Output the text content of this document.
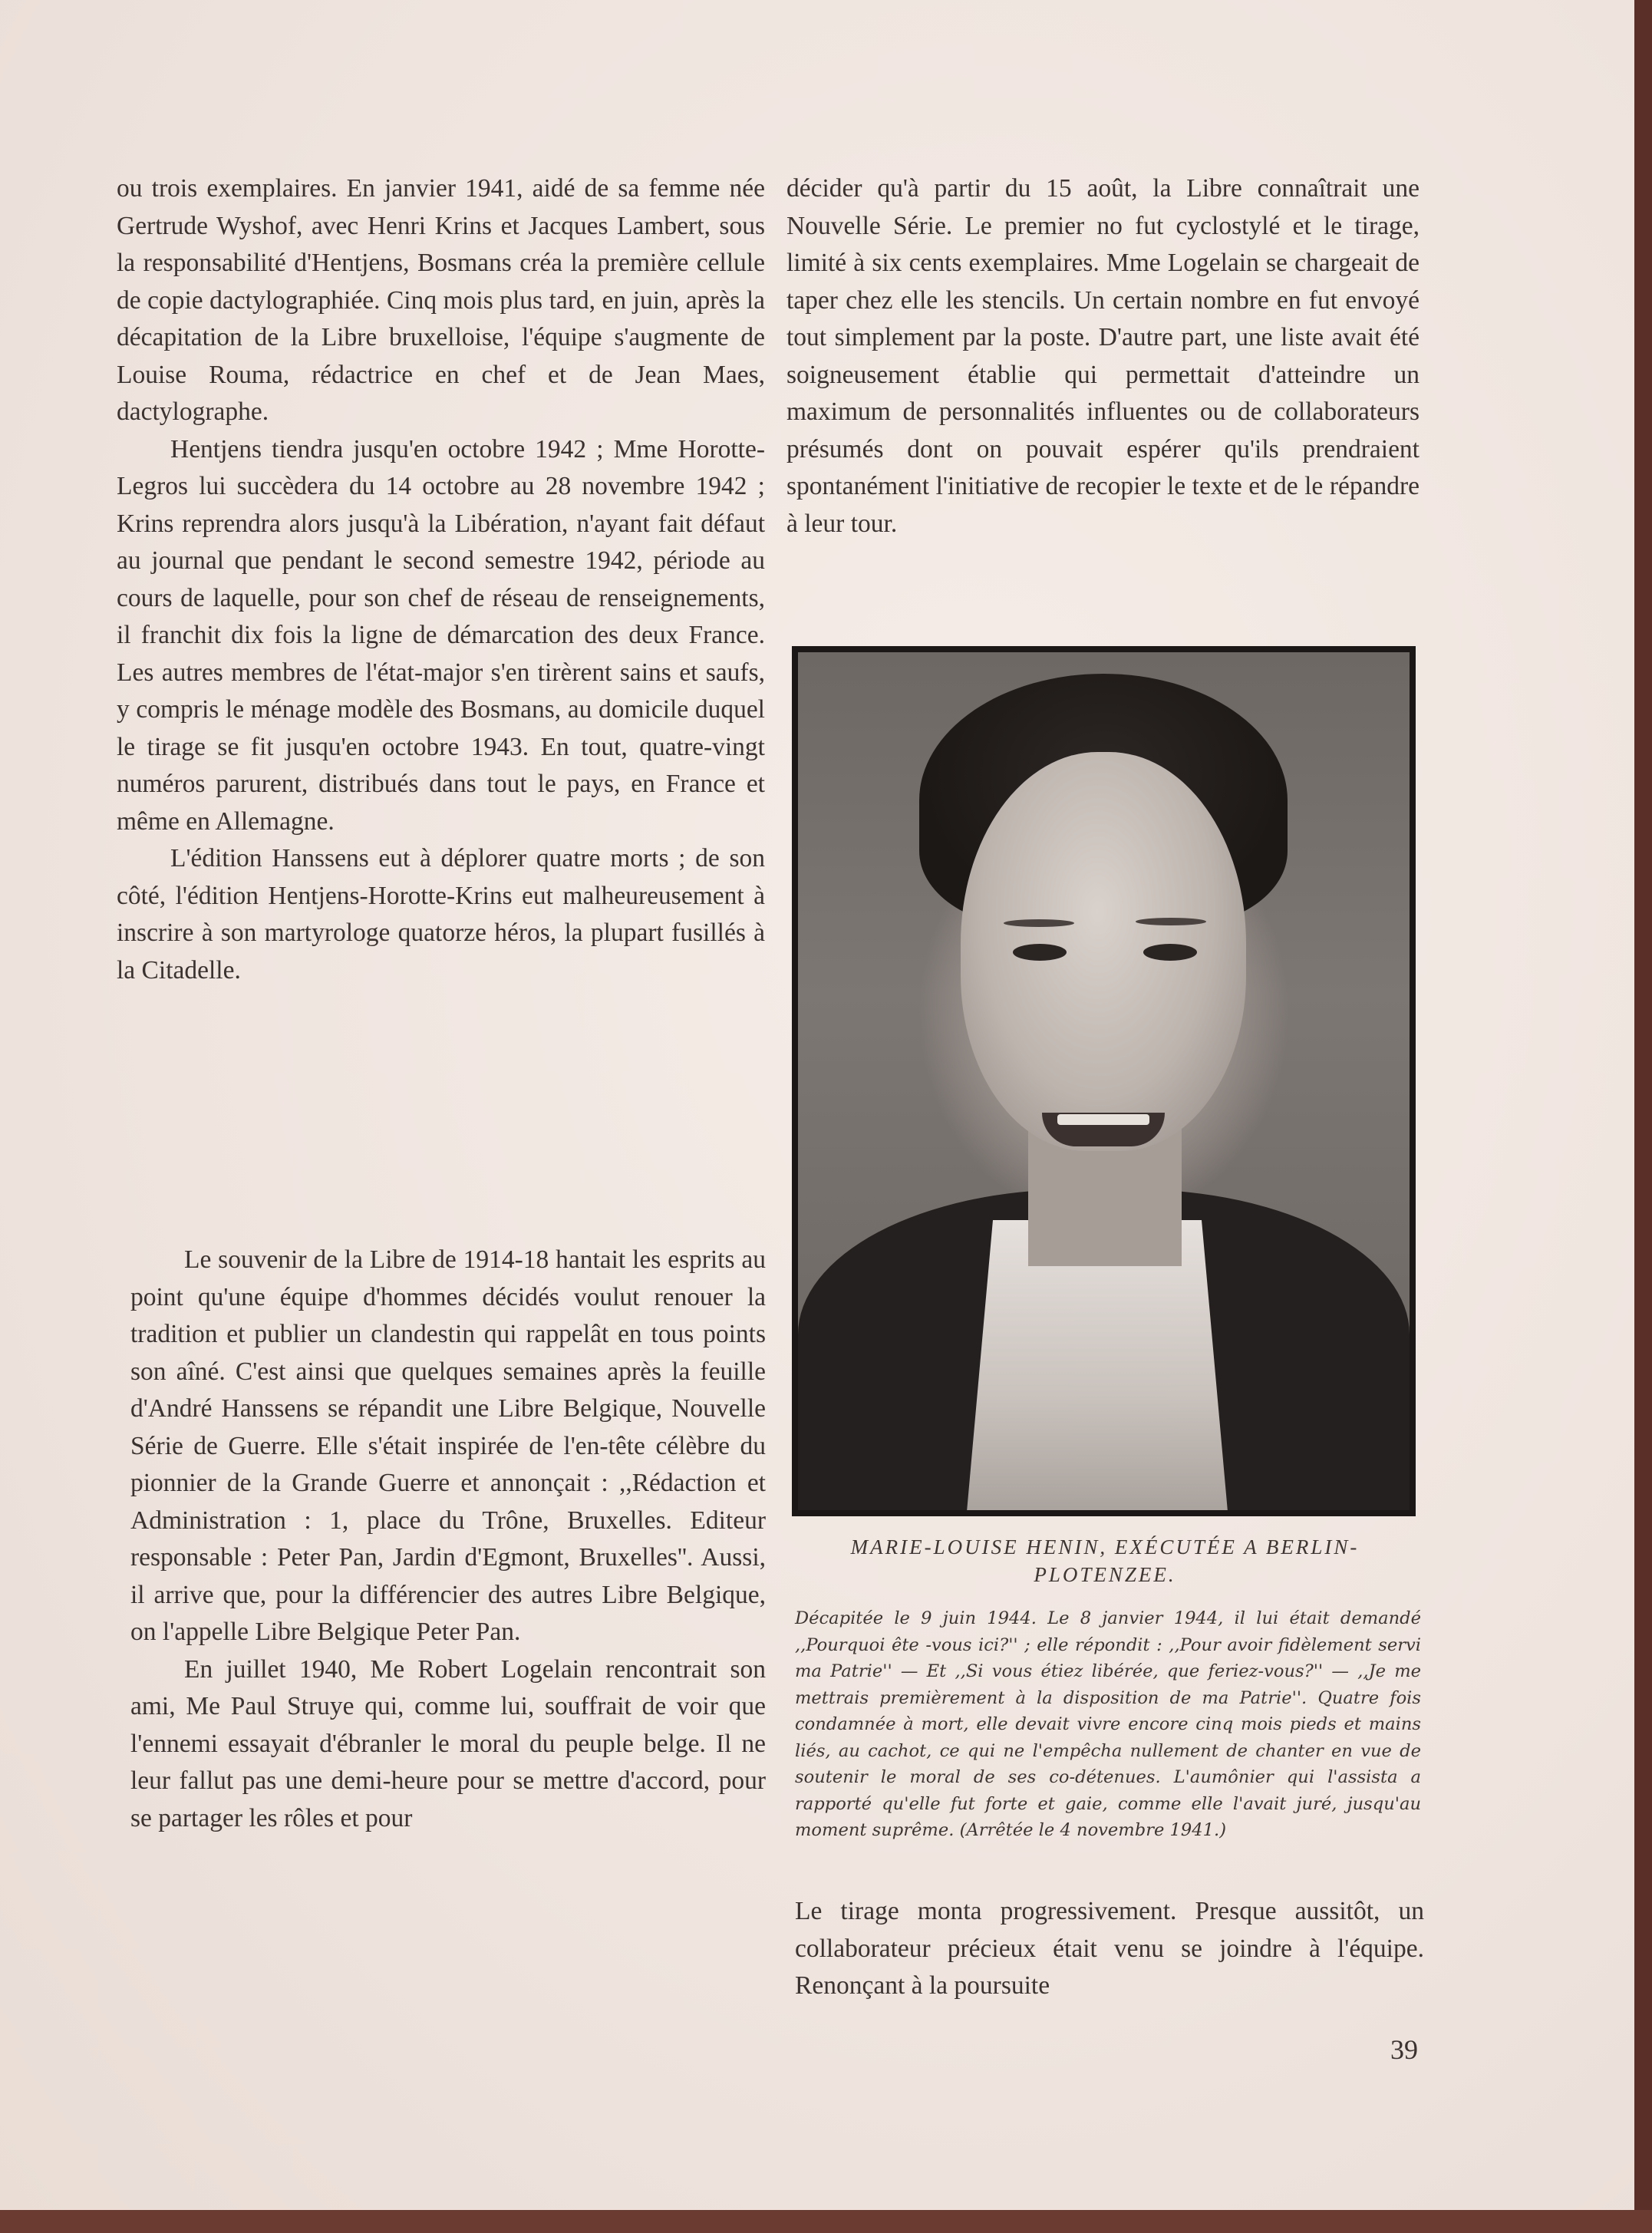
ou trois exemplaires. En janvier 1941, aidé de sa femme née Gertrude Wyshof, avec Henri Krins et Jacques Lambert, sous la responsabilité d'Hentjens, Bosmans créa la première cellule de copie dactylographiée. Cinq mois plus tard, en juin, après la décapitation de la Libre bruxelloise, l'équipe s'augmente de Louise Rouma, rédactrice en chef et de Jean Maes, dactylographe.

Hentjens tiendra jusqu'en octobre 1942 ; Mme Horotte-Legros lui succèdera du 14 octobre au 28 novembre 1942 ; Krins reprendra alors jusqu'à la Libération, n'ayant fait défaut au journal que pendant le second semestre 1942, période au cours de laquelle, pour son chef de réseau de renseignements, il franchit dix fois la ligne de démarcation des deux France. Les autres membres de l'état-major s'en tirèrent sains et saufs, y compris le ménage modèle des Bosmans, au domicile duquel le tirage se fit jusqu'en octobre 1943. En tout, quatre-vingt numéros parurent, distribués dans tout le pays, en France et même en Allemagne.

L'édition Hanssens eut à déplorer quatre morts ; de son côté, l'édition Hentjens-Horotte-Krins eut malheureusement à inscrire à son martyrologe quatorze héros, la plupart fusillés à la Citadelle.

Le souvenir de la Libre de 1914-18 hantait les esprits au point qu'une équipe d'hommes décidés voulut renouer la tradition et publier un clandestin qui rappelât en tous points son aîné. C'est ainsi que quelques semaines après la feuille d'André Hanssens se répandit une Libre Belgique, Nouvelle Série de Guerre. Elle s'était inspirée de l'en-tête célèbre du pionnier de la Grande Guerre et annonçait : ,,Rédaction et Administration : 1, place du Trône, Bruxelles. Editeur responsable : Peter Pan, Jardin d'Egmont, Bruxelles''. Aussi, il arrive que, pour la différencier des autres Libre Belgique, on l'appelle Libre Belgique Peter Pan.

En juillet 1940, Me Robert Logelain rencontrait son ami, Me Paul Struye qui, comme lui, souffrait de voir que l'ennemi essayait d'ébranler le moral du peuple belge. Il ne leur fallut pas une demi-heure pour se mettre d'accord, pour se partager les rôles et pour

décider qu'à partir du 15 août, la Libre connaîtrait une Nouvelle Série. Le premier no fut cyclostylé et le tirage, limité à six cents exemplaires. Mme Logelain se chargeait de taper chez elle les stencils. Un certain nombre en fut envoyé tout simplement par la poste. D'autre part, une liste avait été soigneusement établie qui permettait d'atteindre un maximum de personnalités influentes ou de collaborateurs présumés dont on pouvait espérer qu'ils prendraient spontanément l'initiative de recopier le texte et de le répandre à leur tour.

MARIE-LOUISE HENIN, EXÉCUTÉE A BERLIN-PLOTENZEE.

Décapitée le 9 juin 1944. Le 8 janvier 1944, il lui était demandé ,,Pourquoi ête -vous ici?'' ; elle répondit : ,,Pour avoir fidèlement servi ma Patrie'' — Et ,,Si vous étiez libérée, que feriez-vous?'' — ,,Je me mettrais premièrement à la disposition de ma Patrie''. Quatre fois condamnée à mort, elle devait vivre encore cinq mois pieds et mains liés, au cachot, ce qui ne l'empêcha nullement de chanter en vue de soutenir le moral de ses co-détenues. L'aumônier qui l'assista a rapporté qu'elle fut forte et gaie, comme elle l'avait juré, jusqu'au moment suprême. (Arrêtée le 4 novembre 1941.)

Le tirage monta progressivement. Presque aussitôt, un collaborateur précieux était venu se joindre à l'équipe. Renonçant à la poursuite

39
